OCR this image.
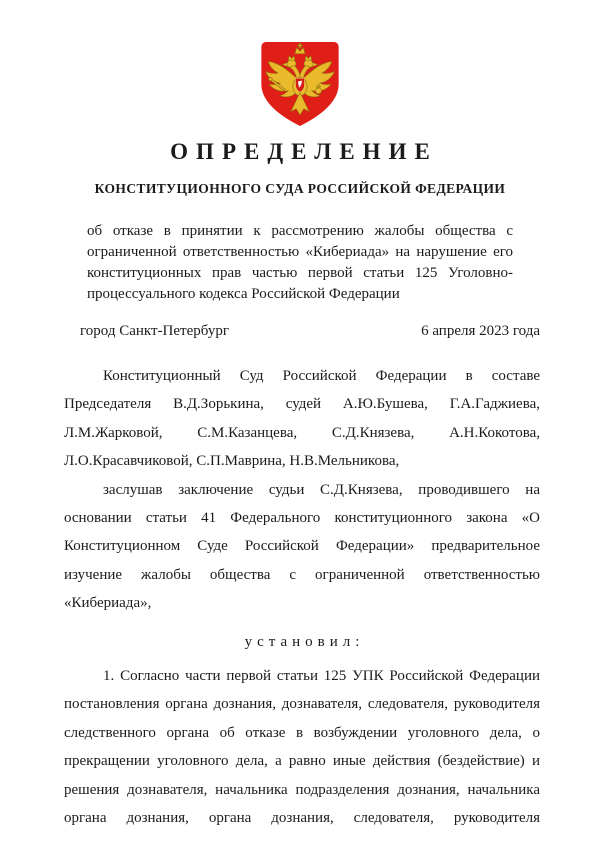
ОПРЕДЕЛЕНИЕ
КОНСТИТУЦИОННОГО СУДА РОССИЙСКОЙ ФЕДЕРАЦИИ

об отказе в принятии к рассмотрению жалобы общества с ограниченной ответственностью «Кибериада» на нарушение его конституционных прав частью первой статьи 125 Уголовно-процессуального кодекса Российской Федерации

город Санкт-Петербург	6 апреля 2023 года

Конституционный Суд Российской Федерации в составе Председателя В.Д.Зорькина, судей А.Ю.Бушева, Г.А.Гаджиева, Л.М.Жарковой, С.М.Казанцева, С.Д.Князева, А.Н.Кокотова, Л.О.Красавчиковой, С.П.Маврина, Н.В.Мельникова,

заслушав заключение судьи С.Д.Князева, проводившего на основании статьи 41 Федерального конституционного закона «О Конституционном Суде Российской Федерации» предварительное изучение жалобы общества с ограниченной ответственностью «Кибериада»,

установил:

1. Согласно части первой статьи 125 УПК Российской Федерации постановления органа дознания, дознавателя, следователя, руководителя следственного органа об отказе в возбуждении уголовного дела, о прекращении уголовного дела, а равно иные действия (бездействие) и решения дознавателя, начальника подразделения дознания, начальника органа дознания, органа дознания, следователя, руководителя
